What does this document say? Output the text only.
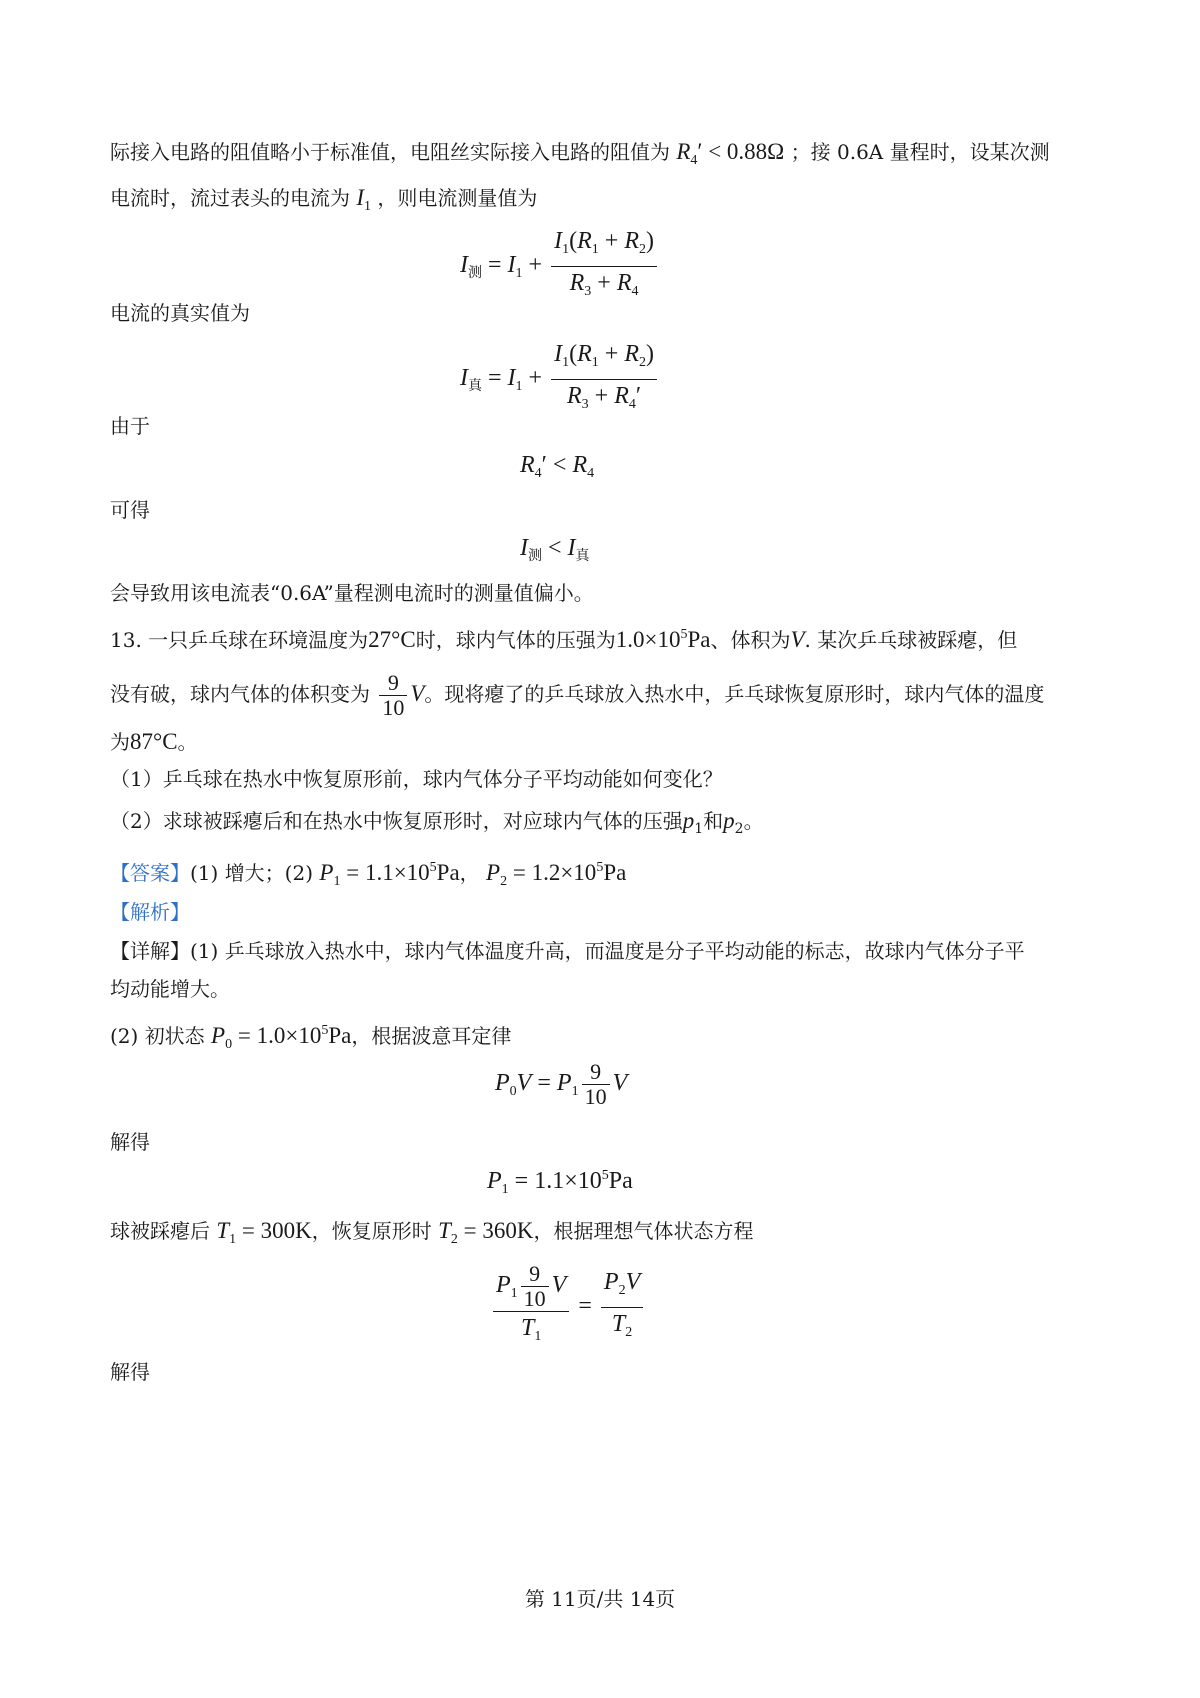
际接入电路的阻值略小于标准值，电阻丝实际接入电路的阻值为 $R_4' < 0.88\Omega$ ；接 0.6A 量程时，设某次测
电流时，流过表头的电流为 $I_1$ ，则电流测量值为
$I_测 = I_1 + \frac{I_1(R_1 + R_2)}{R_3 + R_4}$
电流的真实值为
$I_真 = I_1 + \frac{I_1(R_1 + R_2)}{R_3 + R_4'}$
由于
$R_4' < R_4$
可得
$I_测 < I_真$
会导致用该电流表“0.6A”量程测电流时的测量值偏小。
13. 一只乒乓球在环境温度为27°C时，球内气体的压强为$1.0\times 10^5Pa$、体积为V. 某次乒乓球被踩瘪，但
没有破，球内气体的体积变为 $\frac{9}{10}$ V。现将瘪了的乒乓球放入热水中，乒乓球恢复原形时，球内气体的温度
为87°C。
（1）乒乓球在热水中恢复原形前，球内气体分子平均动能如何变化？
（2）求球被踩瘪后和在热水中恢复原形时，对应球内气体的压强$p_1$和$p_2$。
【答案】(1) 增大；(2) $P_1 = 1.1\times 10^5Pa$， $P_2 = 1.2\times 10^5Pa$
【解析】
【详解】(1) 乒乓球放入热水中，球内气体温度升高，而温度是分子平均动能的标志，故球内气体分子平
均动能增大。
(2) 初状态 $P_0 = 1.0\times 10^5Pa$，根据波意耳定律
$P_0V = P_1 \frac{9}{10}$ V
解得
$P_1 = 1.1\times 10^5Pa$
球被踩瘪后 $T_1 = 300K$，恢复原形时 $T_2 = 360K$，根据理想气体状态方程
$\frac{P_1 \frac{9}{10} V}{T_1} = \frac{P_2V}{T_2}$
解得
第 11页/共 14页
